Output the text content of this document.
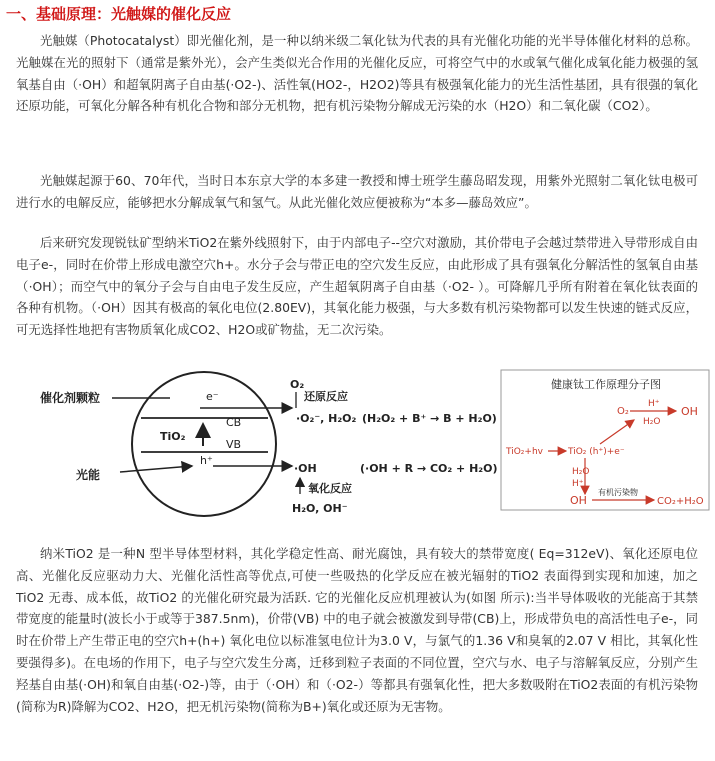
一、基础原理：光触媒的催化反应

光触媒（Photocatalyst）即光催化剂，是一种以纳米级二氧化钛为代表的具有光催化功能的光半导体催化材料的总称。光触媒在光的照射下（通常是紫外光），会产生类似光合作用的光催化反应，可将空气中的水或氧气催化成氧化能力极强的氢氧基自由（·OH）和超氧阴离子自由基(·O2-)、活性氧(HO2-，H2O2)等具有极强氧化能力的光生活性基团，具有很强的氧化还原功能，可氧化分解各种有机化合物和部分无机物，把有机污染物分解成无污染的水（H2O）和二氧化碳（CO2）。

光触媒起源于60、70年代，当时日本东京大学的本多建一教授和博士班学生藤岛昭发现，用紫外光照射二氧化钛电极可进行水的电解反应，能够把水分解成氧气和氢气。从此光催化效应便被称为“本多—藤岛效应”。

后来研究发现锐钛矿型纳米TiO2在紫外线照射下，由于内部电子--空穴对激励，其价带电子会越过禁带进入导带形成自由电子e-，同时在价带上形成电激空穴h+。水分子会与带正电的空穴发生反应，由此形成了具有强氧化分解活性的氢氧自由基（·OH）；而空气中的氧分子会与自由电子发生反应，产生超氧阴离子自由基（·O2- ）。可降解几乎所有附着在氧化钛表面的各种有机物。（·OH）因其有极高的氧化电位(2.80EV)，其氧化能力极强，与大多数有机污染物都可以发生快速的链式反应，可无选择性地把有害物质氧化成CO2、H2O或矿物盐，无二次污染。

催化剂颗粒
光能
e⁻
CB
TiO₂
VB
h⁺
O₂
还原反应
·O₂⁻, H₂O₂ (H₂O₂ + B⁺ → B + H₂O)
·OH	(·OH + R → CO₂ + H₂O)
氧化反应
H₂O, OH⁻
健康钛工作原理分子图
O₂
H⁺
H₂O
OH
TiO₂+hv	TiO₂ (h⁺)+e⁻
H₂O
H⁺
OH
有机污染物
CO₂+H₂O

纳米TiO2 是一种N 型半导体型材料，其化学稳定性高、耐光腐蚀，具有较大的禁带宽度( Eq=312eV)、氧化还原电位高、光催化反应驱动力大、光催化活性高等优点,可使一些吸热的化学反应在被光辐射的TiO2 表面得到实现和加速，加之TiO2 无毒、成本低，故TiO2 的光催化研究最为活跃. 它的光催化反应机理被认为(如图 所示):当半导体吸收的光能高于其禁带宽度的能量时(波长小于或等于387.5nm)，价带(VB) 中的电子就会被激发到导带(CB)上，形成带负电的高活性电子e-，同时在价带上产生带正电的空穴h+(h+) 氧化电位以标准氢电位计为3.0 V，与氯气的1.36 V和臭氧的2.07 V 相比，其氧化性要强得多)。在电场的作用下，电子与空穴发生分离，迁移到粒子表面的不同位置，空穴与水、电子与溶解氧反应，分别产生羟基自由基(·OH)和氧自由基(·O2-)等，由于（·OH）和（·O2-）等都具有强氧化性，把大多数吸附在TiO2表面的有机污染物(简称为R)降解为CO2、H2O，把无机污染物(简称为B+)氧化或还原为无害物。
